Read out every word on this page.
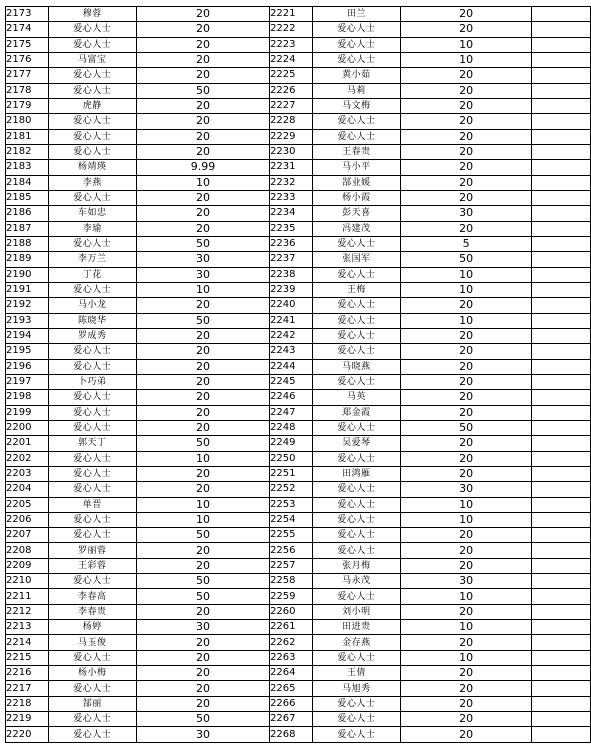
2173	穆蓉	20	2221	田兰	20	
2174	爱心人士	20	2222	爱心人士	20	
2175	爱心人士	20	2223	爱心人士	10	
2176	马富宝	20	2224	爱心人士	10	
2177	爱心人士	20	2225	黄小茹	20	
2178	爱心人士	50	2226	马莉	20	
2179	虎静	20	2227	马文梅	20	
2180	爱心人士	20	2228	爱心人士	20	
2181	爱心人士	20	2229	爱心人士	20	
2182	爱心人士	20	2230	王春贵	20	
2183	杨靖瑛	9.99	2231	马小平	20	
2184	李燕	10	2232	郜业媛	20	
2185	爱心人士	20	2233	杨小霞	20	
2186	车如忠	20	2234	彭天喜	30	
2187	李瑜	20	2235	冯建茂	20	
2188	爱心人士	50	2236	爱心人士	5	
2189	李万兰	30	2237	张国军	50	
2190	丁花	30	2238	爱心人士	10	
2191	爱心人士	10	2239	王梅	10	
2192	马小龙	20	2240	爱心人士	20	
2193	陈晓华	50	2241	爱心人士	10	
2194	罗成秀	20	2242	爱心人士	20	
2195	爱心人士	20	2243	爱心人士	20	
2196	爱心人士	20	2244	马晓燕	20	
2197	卜巧弟	20	2245	爱心人士	20	
2198	爱心人士	20	2246	马英	20	
2199	爱心人士	20	2247	郑金霞	20	
2200	爱心人士	20	2248	爱心人士	50	
2201	郭天丁	50	2249	吴爱琴	20	
2202	爱心人士	10	2250	爱心人士	20	
2203	爱心人士	20	2251	田鸿雁	20	
2204	爱心人士	20	2252	爱心人士	30	
2205	单晋	10	2253	爱心人士	10	
2206	爱心人士	10	2254	爱心人士	10	
2207	爱心人士	50	2255	爱心人士	20	
2208	罗丽蓉	20	2256	爱心人士	20	
2209	王彩蓉	20	2257	张月梅	20	
2210	爱心人士	50	2258	马永茂	30	
2211	李春高	50	2259	爱心人士	10	
2212	李春贵	20	2260	刘小明	20	
2213	杨婷	30	2261	田进贵	10	
2214	马玉俊	20	2262	金存燕	20	
2215	爱心人士	20	2263	爱心人士	10	
2216	杨小梅	20	2264	王倩	20	
2217	爱心人士	20	2265	马旭秀	20	
2218	郜丽	20	2266	爱心人士	20	
2219	爱心人士	50	2267	爱心人士	20	
2220	爱心人士	30	2268	爱心人士	20	
